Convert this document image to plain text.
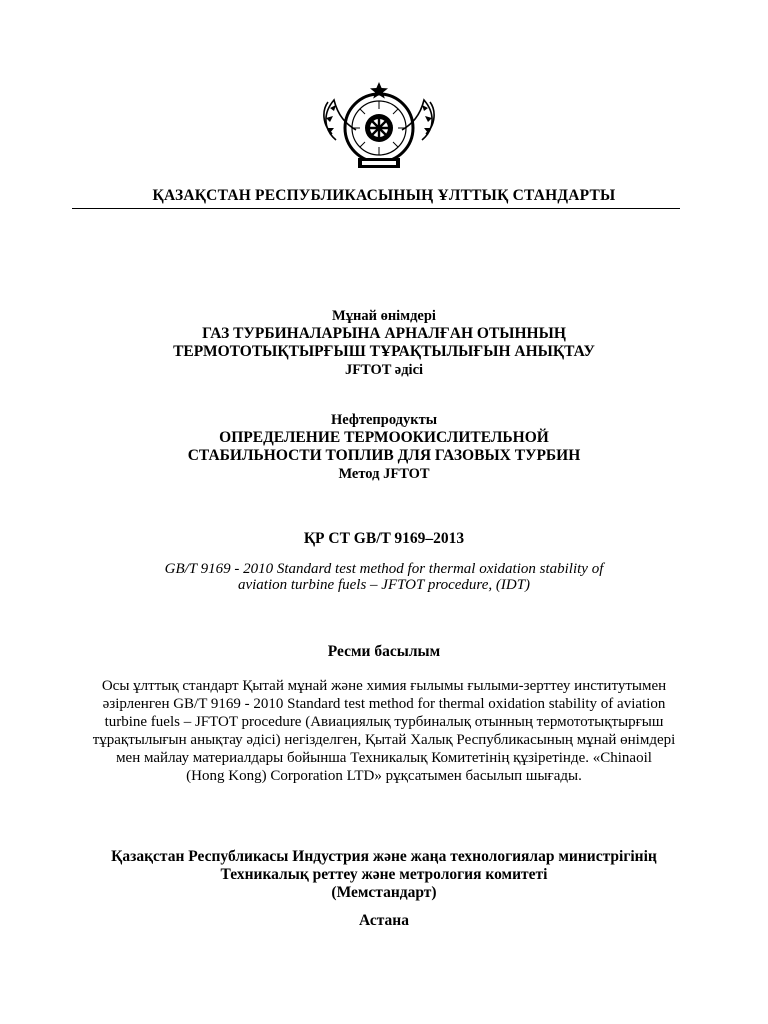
ҚАЗАҚСТАН РЕСПУБЛИКАСЫНЫҢ ҰЛТТЫҚ СТАНДАРТЫ
Мұнай өнімдері
ГАЗ ТУРБИНАЛАРЫНА АРНАЛҒАН ОТЫННЫҢ
ТЕРМОТОТЫҚТЫРҒЫШ ТҰРАҚТЫЛЫҒЫН АНЫҚТАУ
JFTOT әдісі
Нефтепродукты
ОПРЕДЕЛЕНИЕ ТЕРМООКИСЛИТЕЛЬНОЙ
СТАБИЛЬНОСТИ ТОПЛИВ ДЛЯ ГАЗОВЫХ ТУРБИН
Метод JFTOT
ҚР СТ GB/T 9169–2013
GB/T 9169 - 2010 Standard test method for thermal oxidation stability of
aviation turbine fuels – JFTOT procedure, (IDT)
Ресми басылым
Осы ұлттық стандарт Қытай мұнай және химия ғылымы ғылыми-зерттеу институтымен
әзірленген GB/T 9169 - 2010 Standard test method for thermal oxidation stability of aviation
turbine fuels – JFTOT procedure (Авиациялық турбиналық отынның термототықтырғыш
тұрақтылығын анықтау әдісі) негізделген, Қытай Халық Республикасының мұнай өнімдері
мен майлау материалдары бойынша Техникалық Комитетінің құзіретінде. «Chinaoil
(Hong Kong) Corporation LTD» рұқсатымен басылып шығады.
Қазақстан Республикасы Индустрия және жаңа технологиялар министрігінің
Техникалық реттеу және метрология комитеті
(Мемстандарт)
Астана
